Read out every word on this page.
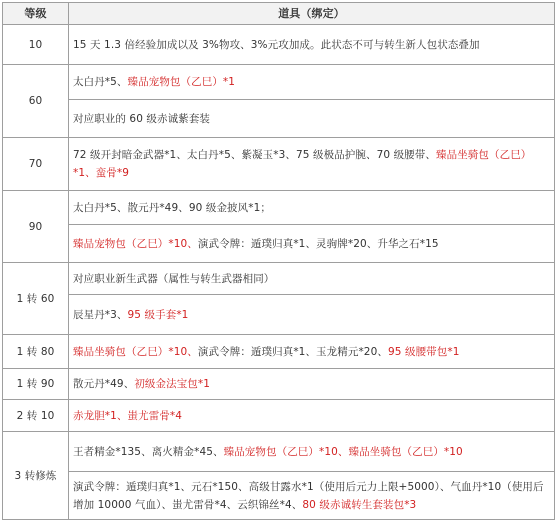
等级	道具（绑定）
10	15 天 1.3 倍经验加成以及 3%物攻、3%元攻加成。此状态不可与转生新人包状态叠加
60	太白丹*5、臻品宠物包（乙巳）*1
	对应职业的 60 级赤诚紫套装
70	72 级开封暗金武器*1、太白丹*5、紫凝玉*3、75 级极品护腕、70 级腰带、臻品坐骑包（乙巳）*1、蛮骨*9
90	太白丹*5、散元丹*49、90 级金披风*1；
	臻品宠物包（乙巳）*10、演武令牌：遁璞归真*1、灵驹牌*20、升华之石*15
1 转 60	对应职业新生武器（属性与转生武器相同）
	辰星丹*3、95 级手套*1
1 转 80	臻品坐骑包（乙巳）*10、演武令牌：遁璞归真*1、玉龙精元*20、95 级腰带包*1
1 转 90	散元丹*49、初级金法宝包*1
2 转 10	赤龙胆*1、蚩尤雷骨*4
3 转修炼	王者精金*135、离火精金*45、臻品宠物包（乙巳）*10、臻品坐骑包（乙巳）*10
	演武令牌：遁璞归真*1、元石*150、高级甘露水*1（使用后元力上限+5000）、气血丹*10（使用后增加 10000 气血）、蚩尤雷骨*4、云织锦丝*4、80 级赤诚转生套装包*3
